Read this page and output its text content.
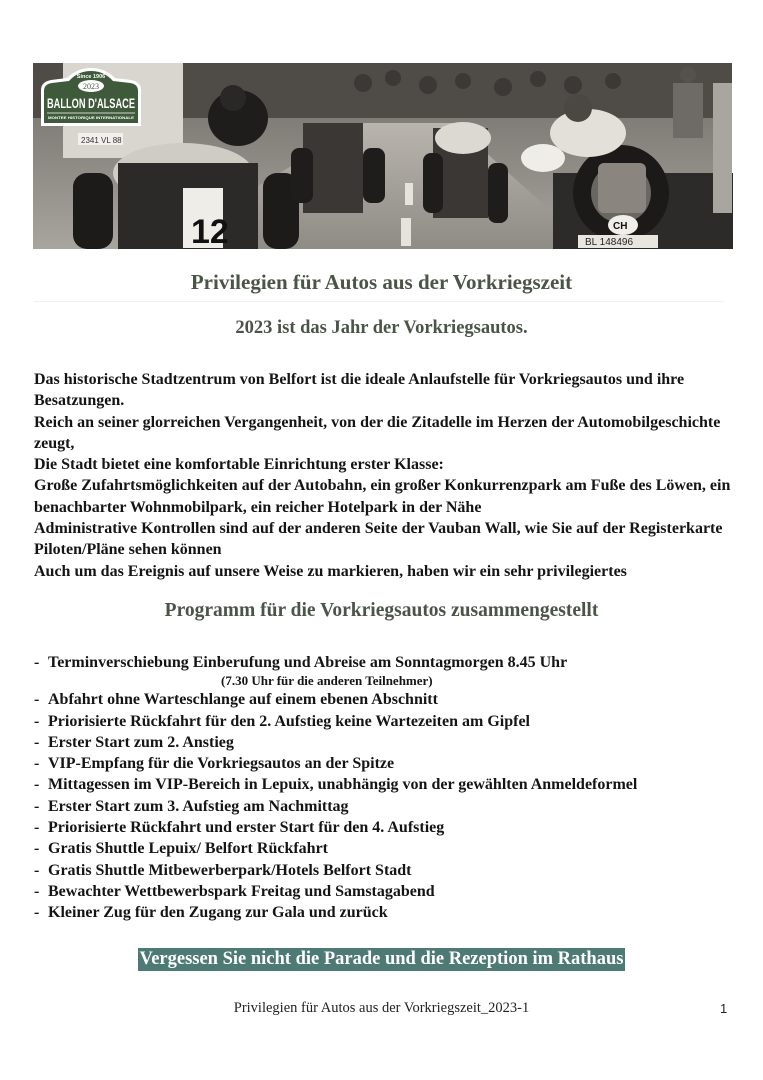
2341 VL 88
12	CH
BL 148496
Since 1906
2023
BALLON D'ALSACE
MONTEE HISTORIQUE INTERNATIONALE
Privilegien für Autos aus der Vorkriegszeit
2023 ist das Jahr der Vorkriegsautos.

Das historische Stadtzentrum von Belfort ist die ideale Anlaufstelle für Vorkriegsautos und ihre Besatzungen.

Reich an seiner glorreichen Vergangenheit, von der die Zitadelle im Herzen der Automobilgeschichte zeugt,

Die Stadt bietet eine komfortable Einrichtung erster Klasse:

Große Zufahrtsmöglichkeiten auf der Autobahn, ein großer Konkurrenzpark am Fuße des Löwen, ein benachbarter Wohnmobilpark, ein reicher Hotelpark in der Nähe

Administrative Kontrollen sind auf der anderen Seite der Vauban Wall, wie Sie auf der Registerkarte Piloten/Pläne sehen können

Auch um das Ereignis auf unsere Weise zu markieren, haben wir ein sehr privilegiertes

Programm für die Vorkriegsautos zusammengestellt
- Terminverschiebung Einberufung und Abreise am Sonntagmorgen 8.45 Uhr
(7.30 Uhr für die anderen Teilnehmer)
- Abfahrt ohne Warteschlange auf einem ebenen Abschnitt
- Priorisierte Rückfahrt für den 2. Aufstieg keine Wartezeiten am Gipfel
- Erster Start zum 2. Anstieg
- VIP-Empfang für die Vorkriegsautos an der Spitze
- Mittagessen im VIP-Bereich in Lepuix, unabhängig von der gewählten Anmeldeformel
- Erster Start zum 3. Aufstieg am Nachmittag
- Priorisierte Rückfahrt und erster Start für den 4. Aufstieg
- Gratis Shuttle Lepuix/ Belfort Rückfahrt
- Gratis Shuttle Mitbewerberpark/Hotels Belfort Stadt
- Bewachter Wettbewerbspark Freitag und Samstagabend
- Kleiner Zug für den Zugang zur Gala und zurück
Vergessen Sie nicht die Parade und die Rezeption im Rathaus
Privilegien für Autos aus der Vorkriegszeit_2023-1	1
